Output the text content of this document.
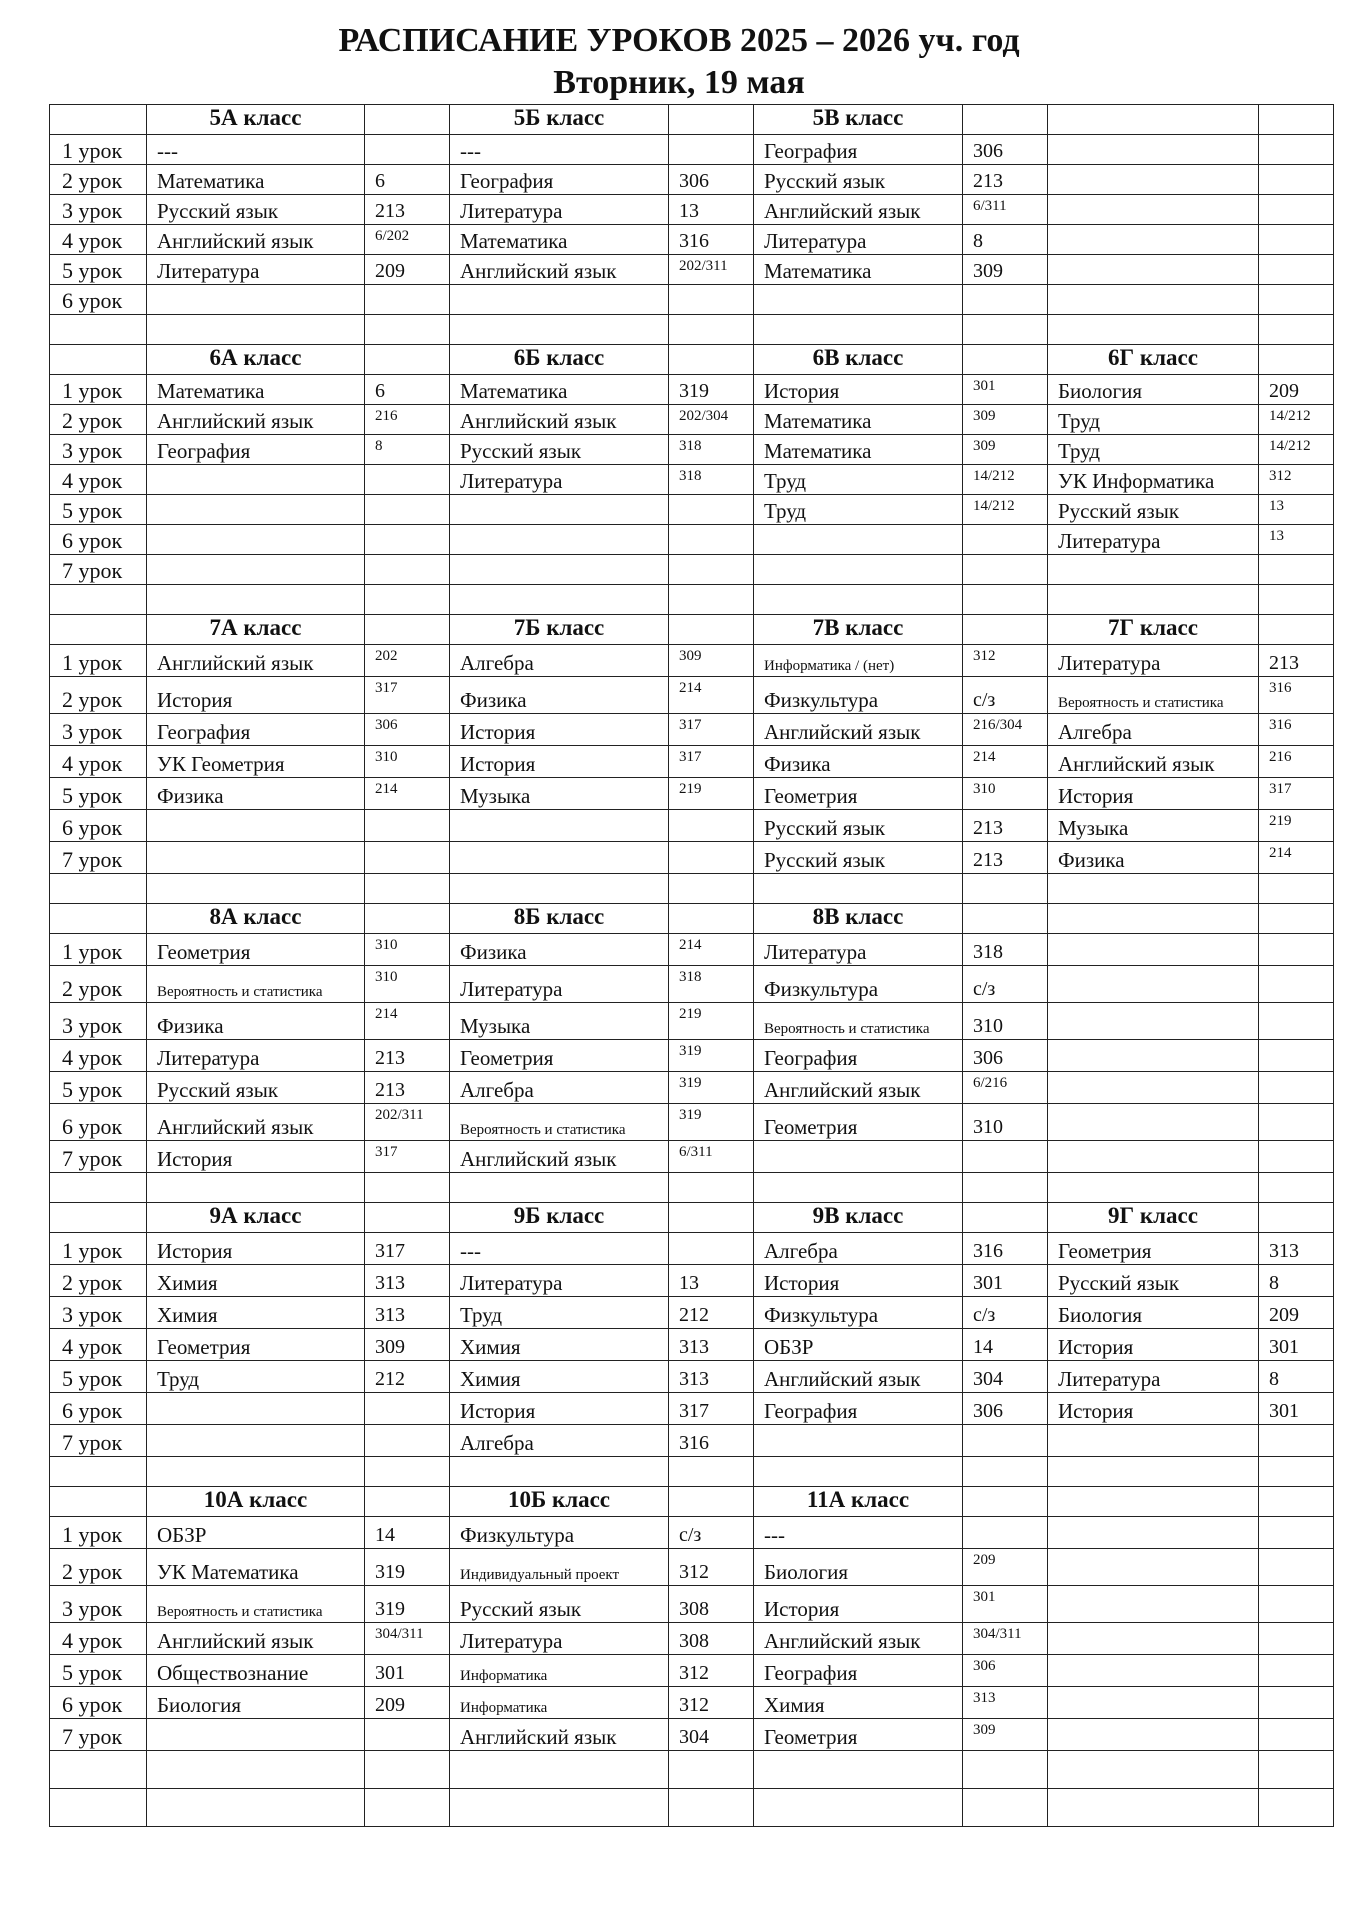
РАСПИСАНИЕ УРОКОВ 2025 – 2026 уч. год
Вторник, 19 мая
	5А класс		5Б класс		5В класс			
1 урок	---		---		География	306		
2 урок	Математика	6	География	306	Русский язык	213		
3 урок	Русский язык	213	Литература	13	Английский язык	6/311		
4 урок	Английский язык	6/202	Математика	316	Литература	8		
5 урок	Литература	209	Английский язык	202/311	Математика	309		
6 урок								

	6А класс		6Б класс		6В класс		6Г класс	
1 урок	Математика	6	Математика	319	История	301	Биология	209
2 урок	Английский язык	216	Английский язык	202/304	Математика	309	Труд	14/212
3 урок	География	8	Русский язык	318	Математика	309	Труд	14/212
4 урок			Литература	318	Труд	14/212	УК Информатика	312
5 урок					Труд	14/212	Русский язык	13
6 урок							Литература	13
7 урок								

	7А класс		7Б класс		7В класс		7Г класс	
1 урок	Английский язык	202	Алгебра	309	Информатика / (нет)	312	Литература	213
2 урок	История	317	Физика	214	Физкультура	с/з	Вероятность и статистика	316
3 урок	География	306	История	317	Английский язык	216/304	Алгебра	316
4 урок	УК Геометрия	310	История	317	Физика	214	Английский язык	216
5 урок	Физика	214	Музыка	219	Геометрия	310	История	317
6 урок					Русский язык	213	Музыка	219
7 урок					Русский язык	213	Физика	214

	8А класс		8Б класс		8В класс			
1 урок	Геометрия	310	Физика	214	Литература	318		
2 урок	Вероятность и статистика	310	Литература	318	Физкультура	с/з		
3 урок	Физика	214	Музыка	219	Вероятность и статистика	310		
4 урок	Литература	213	Геометрия	319	География	306		
5 урок	Русский язык	213	Алгебра	319	Английский язык	6/216		
6 урок	Английский язык	202/311	Вероятность и статистика	319	Геометрия	310		
7 урок	История	317	Английский язык	6/311				

	9А класс		9Б класс		9В класс		9Г класс	
1 урок	История	317	---		Алгебра	316	Геометрия	313
2 урок	Химия	313	Литература	13	История	301	Русский язык	8
3 урок	Химия	313	Труд	212	Физкультура	с/з	Биология	209
4 урок	Геометрия	309	Химия	313	ОБЗР	14	История	301
5 урок	Труд	212	Химия	313	Английский язык	304	Литература	8
6 урок			История	317	География	306	История	301
7 урок			Алгебра	316				

	10А класс		10Б класс		11А класс			
1 урок	ОБЗР	14	Физкультура	с/з	---			
2 урок	УК Математика	319	Индивидуальный проект	312	Биология	209		
3 урок	Вероятность и статистика	319	Русский язык	308	История	301		
4 урок	Английский язык	304/311	Литература	308	Английский язык	304/311		
5 урок	Обществознание	301	Информатика	312	География	306		
6 урок	Биология	209	Информатика	312	Химия	313		
7 урок			Английский язык	304	Геометрия	309		
